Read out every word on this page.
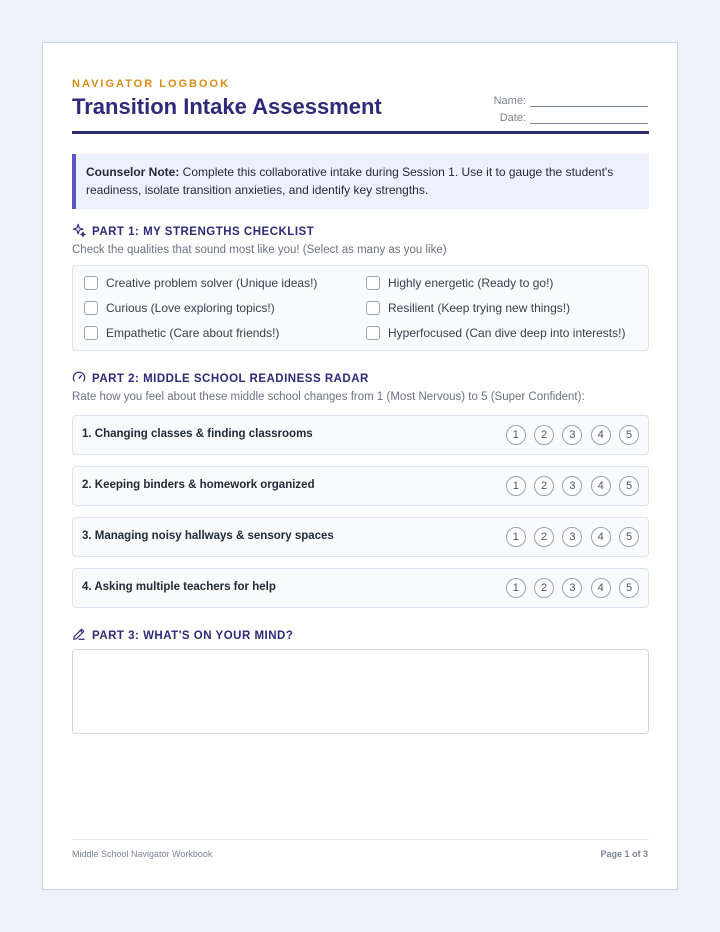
NAVIGATOR LOGBOOK
Transition Intake Assessment	Name:
Date:
Counselor Note: Complete this collaborative intake during Session 1. Use it to gauge the student's readiness, isolate transition anxieties, and identify key strengths.
PART 1: MY STRENGTHS CHECKLIST
Check the qualities that sound most like you! (Select as many as you like)
Creative problem solver (Unique ideas!)	Highly energetic (Ready to go!)
Curious (Love exploring topics!)	Resilient (Keep trying new things!)
Empathetic (Care about friends!)	Hyperfocused (Can dive deep into interests!)
PART 2: MIDDLE SCHOOL READINESS RADAR
Rate how you feel about these middle school changes from 1 (Most Nervous) to 5 (Super Confident):
1. Changing classes & finding classrooms	1	2	3	4	5
2. Keeping binders & homework organized	1	2	3	4	5
3. Managing noisy hallways & sensory spaces	1	2	3	4	5
4. Asking multiple teachers for help	1	2	3	4	5
PART 3: WHAT'S ON YOUR MIND?
Middle School Navigator Workbook	Page 1 of 3
